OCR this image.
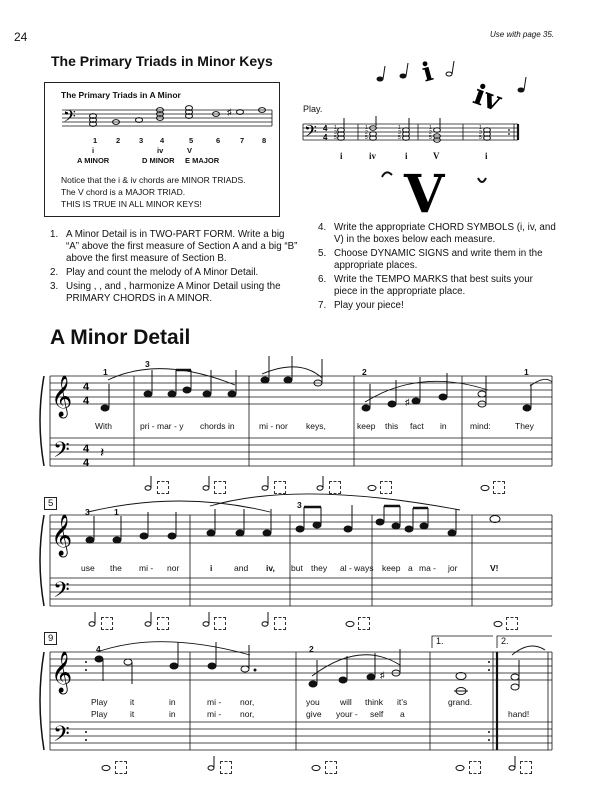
24	Use with page 35.
The Primary Triads in Minor Keys
The Primary Triads in A Minor
𝄢	♯
𝄢 4
4
i
iv
V
𝄞
𝄢
4
4
4
4
𝄽
♯
𝄞
𝄢
𝄞
𝄢
♯
1	2	3 4	5	6	7 8
i	iv	V
A MINOR	D MINOR E MAJOR
Notice that the i & iv chords are MINOR TRIADS.
The V chord is a MAJOR TRIAD.
THIS IS TRUE IN ALL MINOR KEYS!
Play.
i	iv	i	V	i
1 3 5
1 2 5
1 3 5
1 2 5
1 3 5
1. A Minor Detail is in TWO-PART FORM. Write a big “A” above the first measure of Section A and a big “B” above the first measure of Section B.
2. Play and count the melody of A Minor Detail.
3. Using , , and , harmonize A Minor Detail using the PRIMARY CHORDS in A MINOR.
4. Write the appropriate CHORD SYMBOLS (i, iv, and V) in the boxes below each measure.
5. Choose DYNAMIC SIGNS and write them in the appropriate places.
6. Write the TEMPO MARKS that best suits your piece in the appropriate place.
7. Play your piece!
A Minor Detail
1
3
2	1
With	pri - mar - y chords in	mi - nor keys,	keep this fact in	mind:	They
5
3	1
3
use the mi - nor	i	and iv, but they al - ways keep a ma - jor	V!
9
4	2
1.	2.
Play	it	in	mi - nor,	you will think it’s	grand.
Play	it	in	mi - nor,	give your - self a	hand!
